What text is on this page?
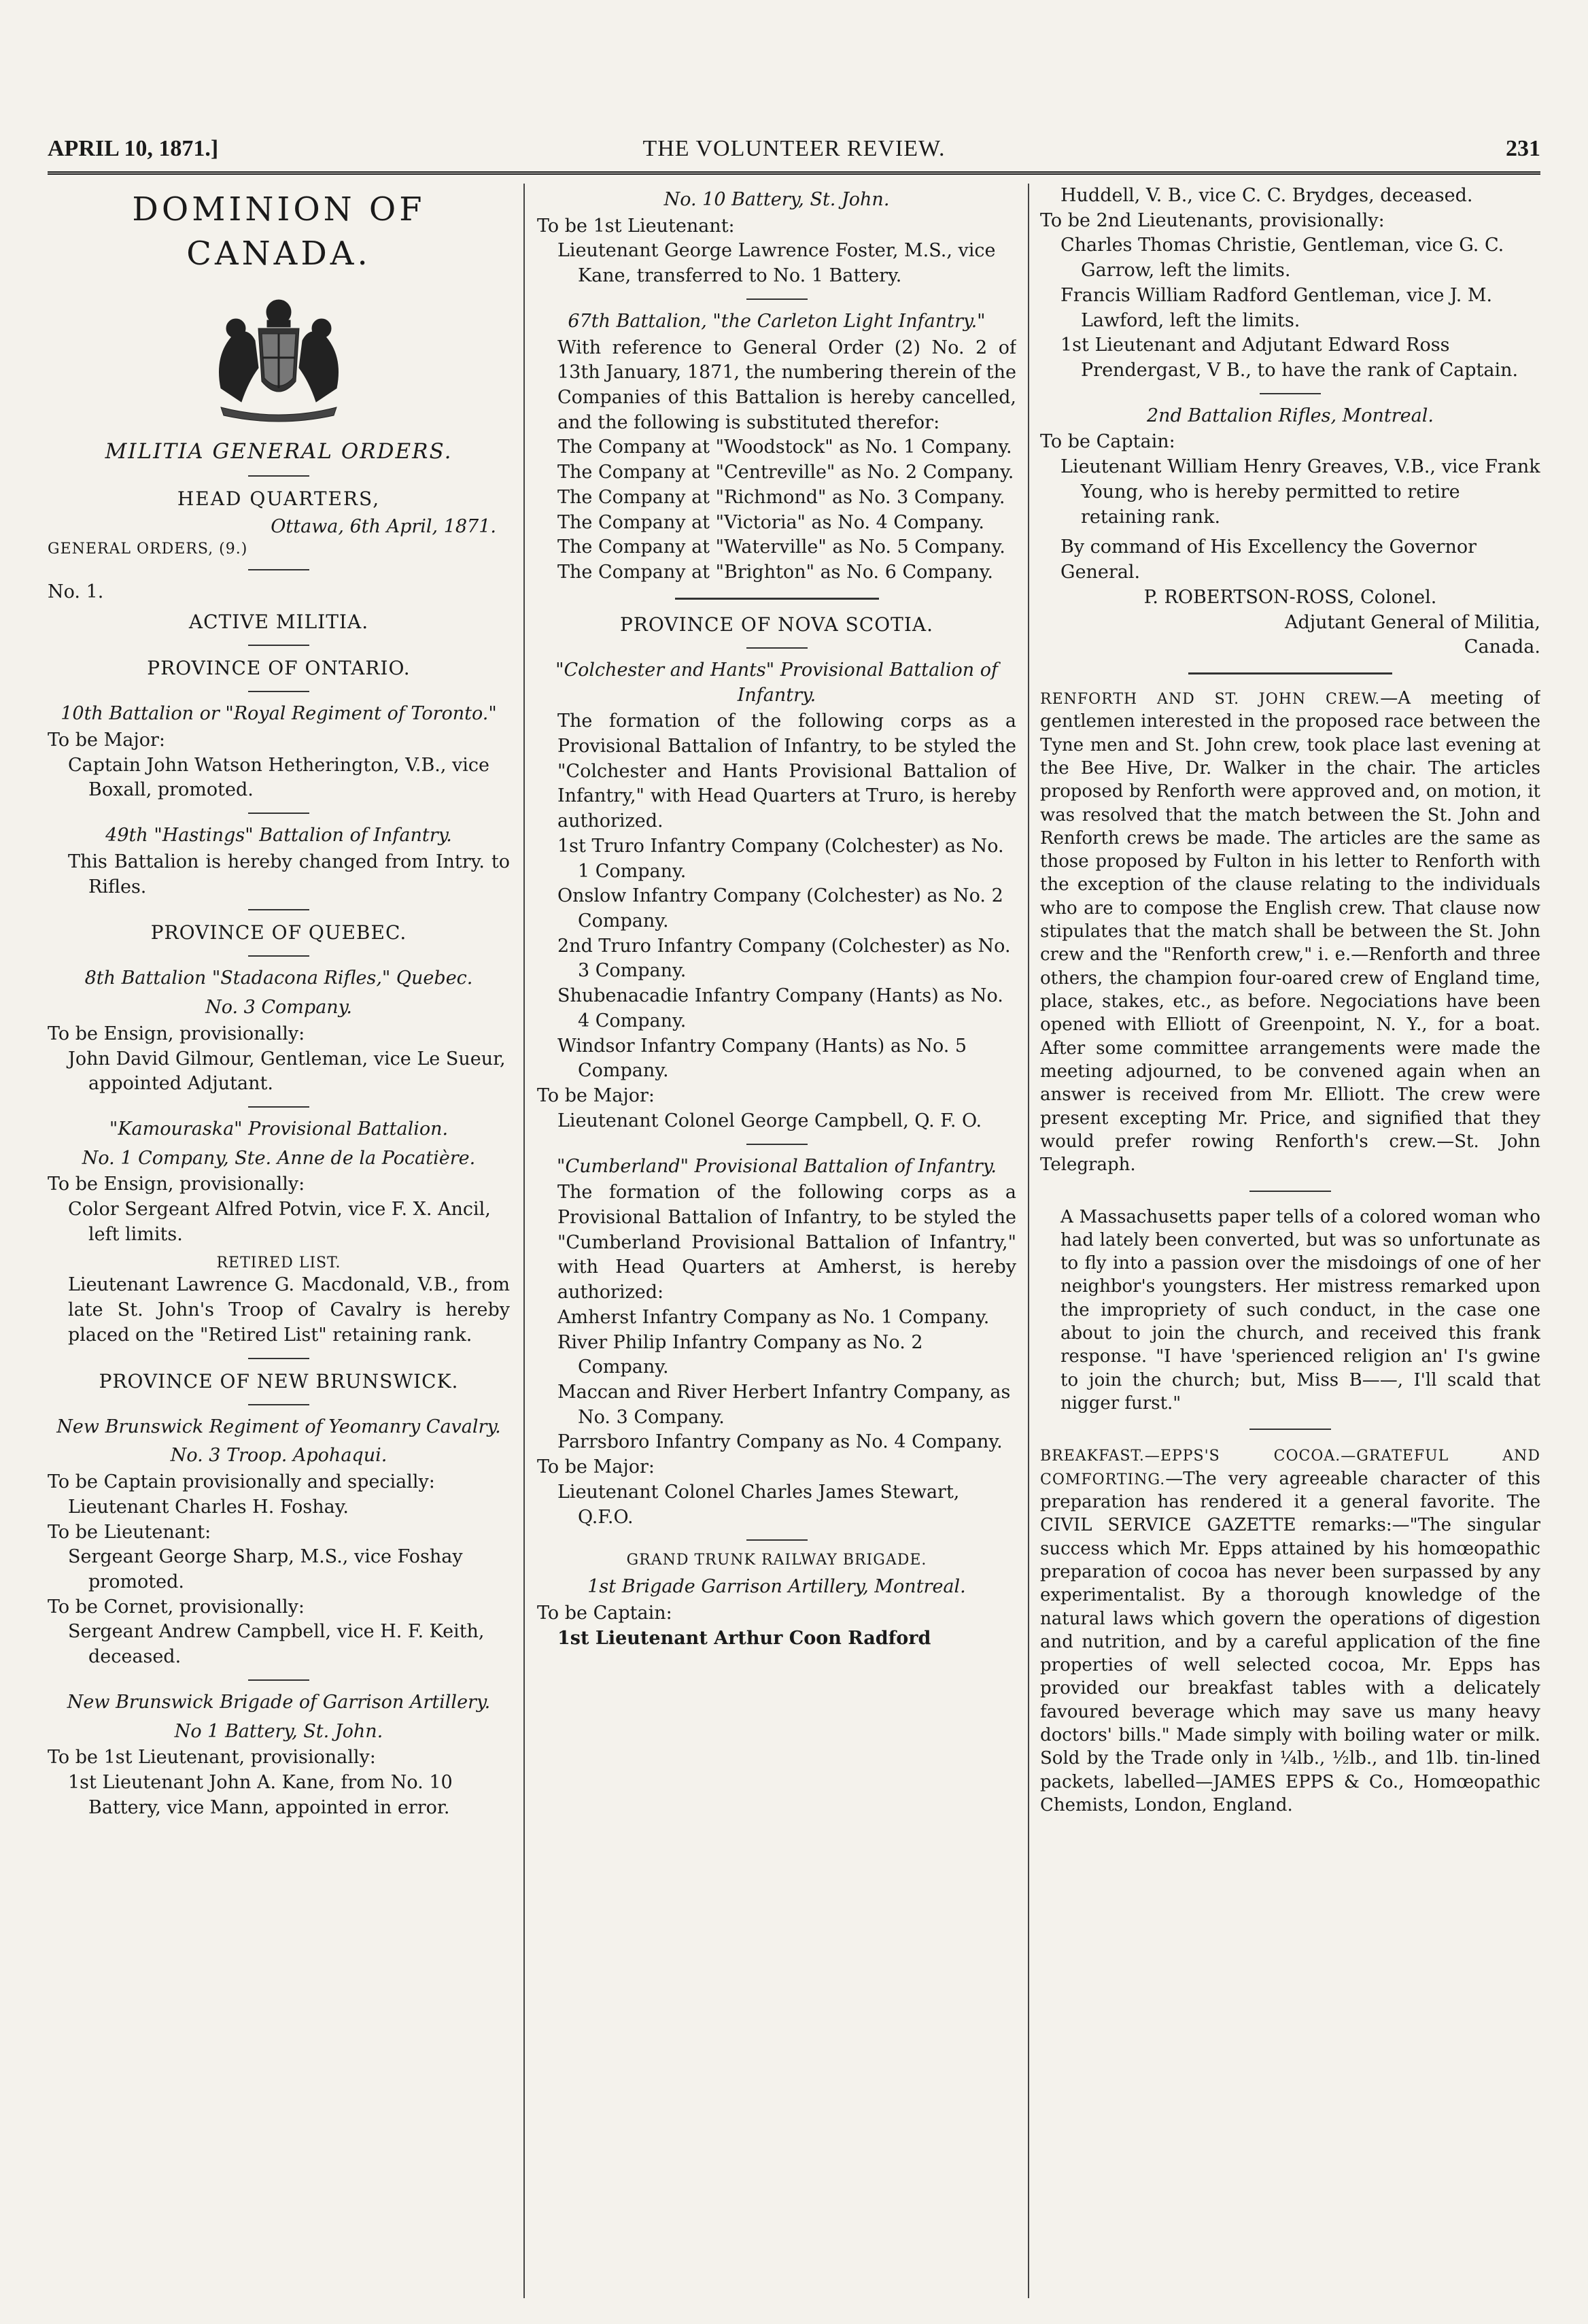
APRIL 10, 1871.]	THE VOLUNTEER REVIEW.	231
DOMINION OF CANADA.
MILITIA GENERAL ORDERS.
HEAD QUARTERS,
Ottawa, 6th April, 1871.
GENERAL ORDERS, (9.)
No. 1.
ACTIVE MILITIA.
PROVINCE OF ONTARIO.
10th Battalion or "Royal Regiment of Toronto."

To be Major:

Captain John Watson Hetherington, V.B., vice Boxall, promoted.

49th "Hastings" Battalion of Infantry.

This Battalion is hereby changed from Intry. to Rifles.

PROVINCE OF QUEBEC.
8th Battalion "Stadacona Rifles," Quebec.
No. 3 Company.

To be Ensign, provisionally:

John David Gilmour, Gentleman, vice Le Sueur, appointed Adjutant.

"Kamouraska" Provisional Battalion.
No. 1 Company, Ste. Anne de la Pocatière.

To be Ensign, provisionally:

Color Sergeant Alfred Potvin, vice F. X. Ancil, left limits.

RETIRED LIST.

Lieutenant Lawrence G. Macdonald, V.B., from late St. John's Troop of Cavalry is hereby placed on the "Retired List" retaining rank.

PROVINCE OF NEW BRUNSWICK.
New Brunswick Regiment of Yeomanry Cavalry.
No. 3 Troop. Apohaqui.

To be Captain provisionally and specially:

Lieutenant Charles H. Foshay.

To be Lieutenant:

Sergeant George Sharp, M.S., vice Foshay promoted.

To be Cornet, provisionally:

Sergeant Andrew Campbell, vice H. F. Keith, deceased.

New Brunswick Brigade of Garrison Artillery.
No 1 Battery, St. John.

To be 1st Lieutenant, provisionally:

1st Lieutenant John A. Kane, from No. 10 Battery, vice Mann, appointed in error.

No. 10 Battery, St. John.

To be 1st Lieutenant:

Lieutenant George Lawrence Foster, M.S., vice Kane, transferred to No. 1 Battery.

67th Battalion, "the Carleton Light Infantry."

With reference to General Order (2) No. 2 of 13th January, 1871, the numbering therein of the Companies of this Battalion is hereby cancelled, and the following is substituted therefor:

The Company at "Woodstock" as No. 1 Company.

The Company at "Centreville" as No. 2 Company.

The Company at "Richmond" as No. 3 Company.

The Company at "Victoria" as No. 4 Company.

The Company at "Waterville" as No. 5 Company.

The Company at "Brighton" as No. 6 Company.

PROVINCE OF NOVA SCOTIA.
"Colchester and Hants" Provisional Battalion of Infantry.

The formation of the following corps as a Provisional Battalion of Infantry, to be styled the "Colchester and Hants Provisional Battalion of Infantry," with Head Quarters at Truro, is hereby authorized.

1st Truro Infantry Company (Colchester) as No. 1 Company.

Onslow Infantry Company (Colchester) as No. 2 Company.

2nd Truro Infantry Company (Colchester) as No. 3 Company.

Shubenacadie Infantry Company (Hants) as No. 4 Company.

Windsor Infantry Company (Hants) as No. 5 Company.

To be Major:

Lieutenant Colonel George Campbell, Q. F. O.

"Cumberland" Provisional Battalion of Infantry.

The formation of the following corps as a Provisional Battalion of Infantry, to be styled the "Cumberland Provisional Battalion of Infantry," with Head Quarters at Amherst, is hereby authorized:

Amherst Infantry Company as No. 1 Company.

River Philip Infantry Company as No. 2 Company.

Maccan and River Herbert Infantry Company, as No. 3 Company.

Parrsboro Infantry Company as No. 4 Company.

To be Major:

Lieutenant Colonel Charles James Stewart, Q.F.O.

GRAND TRUNK RAILWAY BRIGADE.
1st Brigade Garrison Artillery, Montreal.

To be Captain:

1st Lieutenant Arthur Coon Radford

Huddell, V. B., vice C. C. Brydges, deceased.

To be 2nd Lieutenants, provisionally:

Charles Thomas Christie, Gentleman, vice G. C. Garrow, left the limits.

Francis William Radford Gentleman, vice J. M. Lawford, left the limits.

1st Lieutenant and Adjutant Edward Ross Prendergast, V B., to have the rank of Captain.

2nd Battalion Rifles, Montreal.

To be Captain:

Lieutenant William Henry Greaves, V.B., vice Frank Young, who is hereby permitted to retire retaining rank.

By command of His Excellency the Governor General.

P. ROBERTSON-ROSS, Colonel.

Adjutant General of Militia,

Canada.

RENFORTH AND ST. JOHN CREW.—A meeting of gentlemen interested in the proposed race between the Tyne men and St. John crew, took place last evening at the Bee Hive, Dr. Walker in the chair. The articles proposed by Renforth were approved and, on motion, it was resolved that the match between the St. John and Renforth crews be made. The articles are the same as those proposed by Fulton in his letter to Renforth with the exception of the clause relating to the individuals who are to compose the English crew. That clause now stipulates that the match shall be between the St. John crew and the "Renforth crew," i. e.—Renforth and three others, the champion four-oared crew of England time, place, stakes, etc., as before. Negociations have been opened with Elliott of Greenpoint, N. Y., for a boat. After some committee arrangements were made the meeting adjourned, to be convened again when an answer is received from Mr. Elliott. The crew were present excepting Mr. Price, and signified that they would prefer rowing Renforth's crew.—St. John Telegraph.

A Massachusetts paper tells of a colored woman who had lately been converted, but was so unfortunate as to fly into a passion over the misdoings of one of her neighbor's youngsters. Her mistress remarked upon the impropriety of such conduct, in the case one about to join the church, and received this frank response. "I have 'sperienced religion an' I's gwine to join the church; but, Miss B——, I'll scald that nigger furst."

BREAKFAST.—EPPS'S COCOA.—GRATEFUL AND COMFORTING.—The very agreeable character of this preparation has rendered it a general favorite. The CIVIL SERVICE GAZETTE remarks:—"The singular success which Mr. Epps attained by his homœopathic preparation of cocoa has never been surpassed by any experimentalist. By a thorough knowledge of the natural laws which govern the operations of digestion and nutrition, and by a careful application of the fine properties of well selected cocoa, Mr. Epps has provided our breakfast tables with a delicately favoured beverage which may save us many heavy doctors' bills." Made simply with boiling water or milk. Sold by the Trade only in ¼lb., ½lb., and 1lb. tin-lined packets, labelled—JAMES EPPS & Co., Homœopathic Chemists, London, England.
